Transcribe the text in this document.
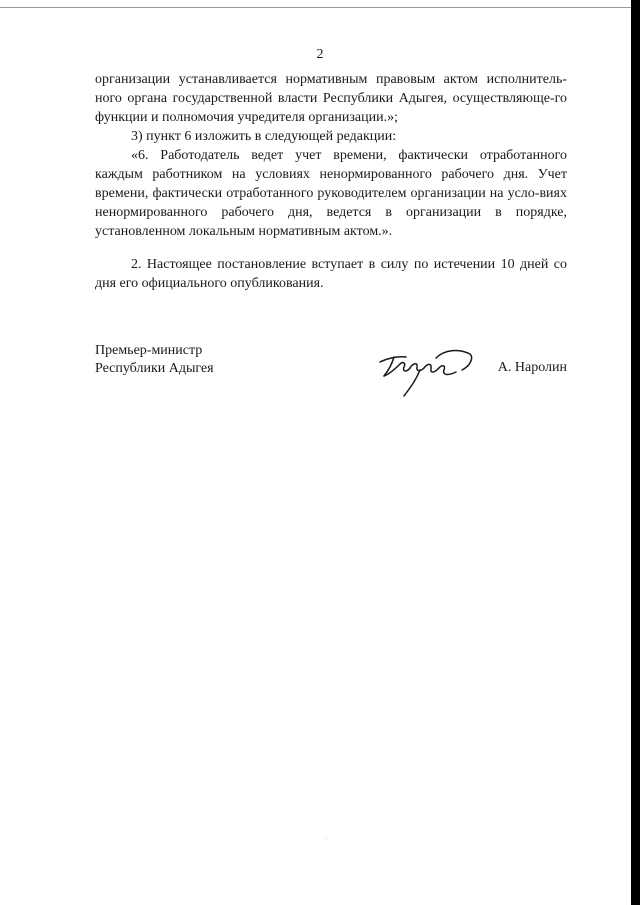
2

организации устанавливается нормативным правовым актом исполнитель-ного органа государственной власти Республики Адыгея, осуществляюще-го функции и полномочия учредителя организации.»;

3) пункт 6 изложить в следующей редакции:

«6. Работодатель ведет учет времени, фактически отработанного каждым работником на условиях ненормированного рабочего дня. Учет времени, фактически отработанного руководителем организации на усло-виях ненормированного рабочего дня, ведется в организации в порядке, установленном локальным нормативным актом.».

2. Настоящее постановление вступает в силу по истечении 10 дней со дня его официального опубликования.

Премьер-министр
Республики Адыгея	А. Наролин
